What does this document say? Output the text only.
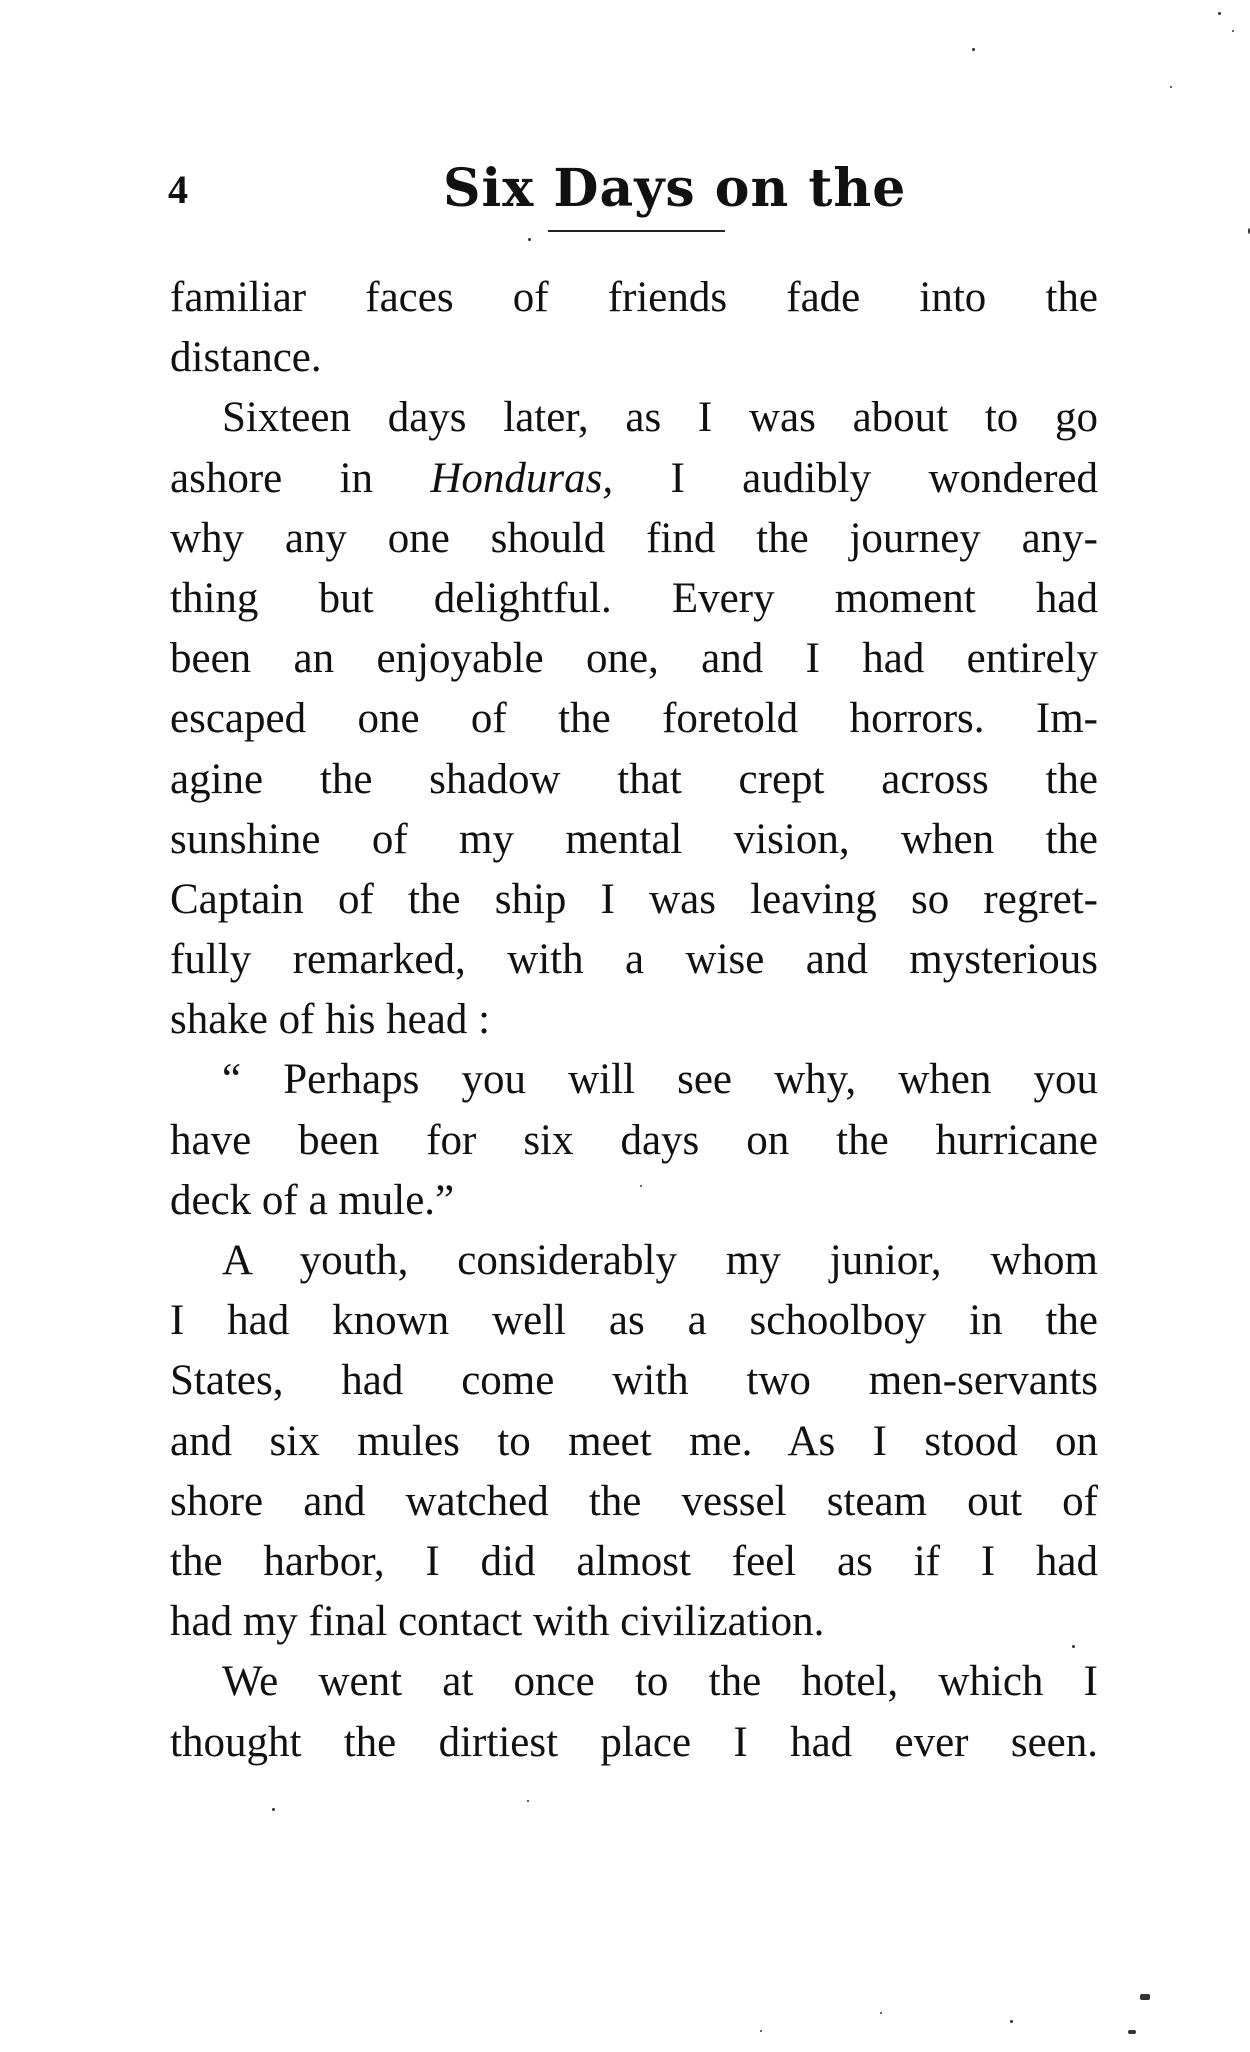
4	Six Days on the
familiar faces of friends fade into the
distance.
Sixteen days later, as I was about to go
ashore in Honduras, I audibly wondered
why any one should find the journey any-
thing but delightful. Every moment had
been an enjoyable one, and I had entirely
escaped one of the foretold horrors. Im-
agine the shadow that crept across the
sunshine of my mental vision, when the
Captain of the ship I was leaving so regret-
fully remarked, with a wise and mysterious
shake of his head :
“ Perhaps you will see why, when you
have been for six days on the hurricane
deck of a mule.”
A youth, considerably my junior, whom
I had known well as a schoolboy in the
States, had come with two men-servants
and six mules to meet me. As I stood on
shore and watched the vessel steam out of
the harbor, I did almost feel as if I had
had my final contact with civilization.
We went at once to the hotel, which I
thought the dirtiest place I had ever seen.
